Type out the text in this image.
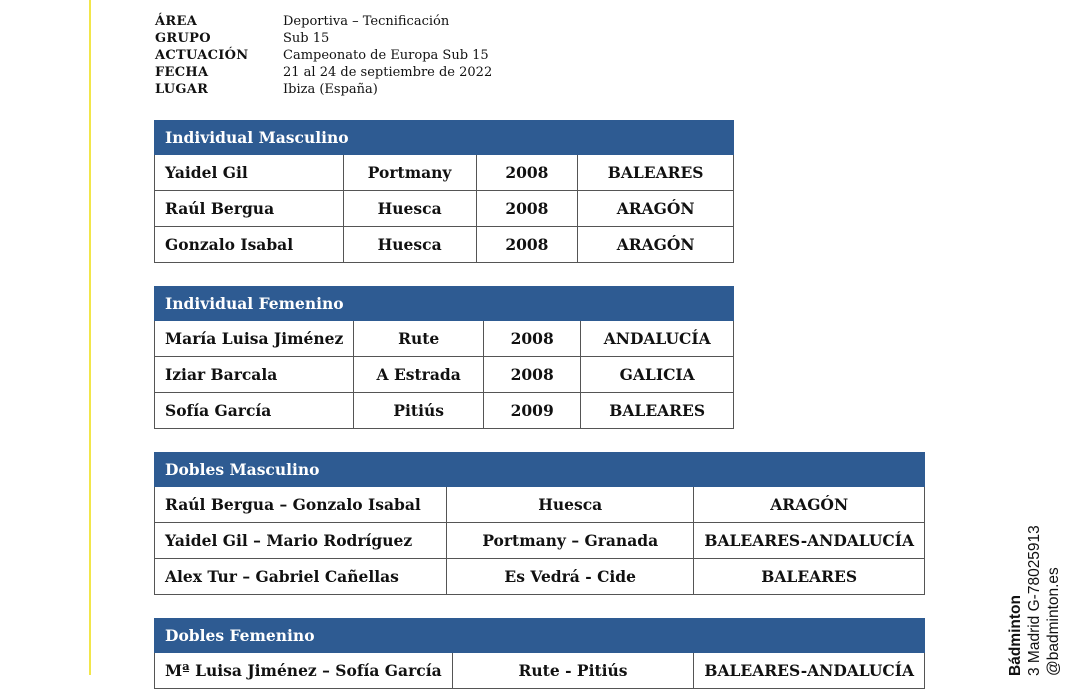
ÁREA	Deportiva – Tecnificación
GRUPO	Sub 15
ACTUACIÓN	Campeonato de Europa Sub 15
FECHA	21 al 24 de septiembre de 2022
LUGAR	Ibiza (España)
Individual Masculino			
Yaidel Gil	Portmany	2008	BALEARES
Raúl Bergua	Huesca	2008	ARAGÓN
Gonzalo Isabal	Huesca	2008	ARAGÓN
Individual Femenino			
María Luisa Jiménez	Rute	2008	ANDALUCÍA
Iziar Barcala	A Estrada	2008	GALICIA
Sofía García	Pitiús	2009	BALEARES
Dobles Masculino		
Raúl Bergua – Gonzalo Isabal	Huesca	ARAGÓN
Yaidel Gil – Mario Rodríguez	Portmany – Granada	BALEARES-ANDALUCÍA
Alex Tur – Gabriel Cañellas	Es Vedrá - Cide	BALEARES
Dobles Femenino
Mª Luisa Jiménez – Sofía García	Rute - Pitiús	BALEARES-ANDALUCÍA	Bádminton 3 Madrid G-78025913 @badminton.es
